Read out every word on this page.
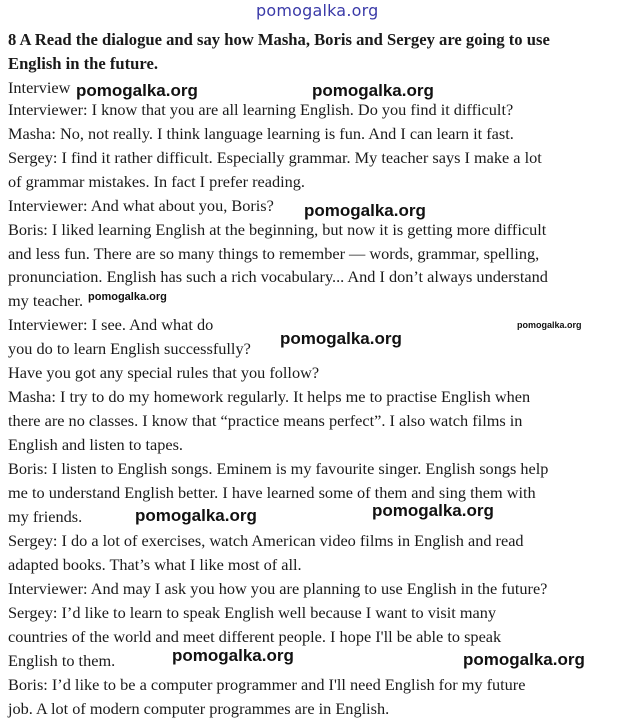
pomogalka.org
8 A Read the dialogue and say how Masha, Boris and Sergey are going to use
English in the future.
Interview
Interviewer: I know that you are all learning English. Do you find it difficult?
Masha: No, not really. I think language learning is fun. And I can learn it fast.
Sergey: I find it rather difficult. Especially grammar. My teacher says I make a lot
of grammar mistakes. In fact I prefer reading.
Interviewer: And what about you, Boris?
Boris: I liked learning English at the beginning, but now it is getting more difficult
and less fun. There are so many things to remember — words, grammar, spelling,
pronunciation. English has such a rich vocabulary... And I don’t always understand
my teacher.
Interviewer: I see. And what do
you do to learn English successfully?
Have you got any special rules that you follow?
Masha: I try to do my homework regularly. It helps me to practise English when
there are no classes. I know that “practice means perfect”. I also watch films in
English and listen to tapes.
Boris: I listen to English songs. Eminem is my favourite singer. English songs help
me to understand English better. I have learned some of them and sing them with
my friends.
Sergey: I do a lot of exercises, watch American video films in English and read
adapted books. That’s what I like most of all.
Interviewer: And may I ask you how you are planning to use English in the future?
Sergey: I’d like to learn to speak English well because I want to visit many
countries of the world and meet different people. I hope I'll be able to speak
English to them.
Boris: I’d like to be a computer programmer and I'll need English for my future
job. A lot of modern computer programmes are in English.
pomogalka.org	pomogalka.org
pomogalka.org
pomogalka.org
pomogalka.org
pomogalka.org
pomogalka.org	pomogalka.org
pomogalka.org	pomogalka.org
